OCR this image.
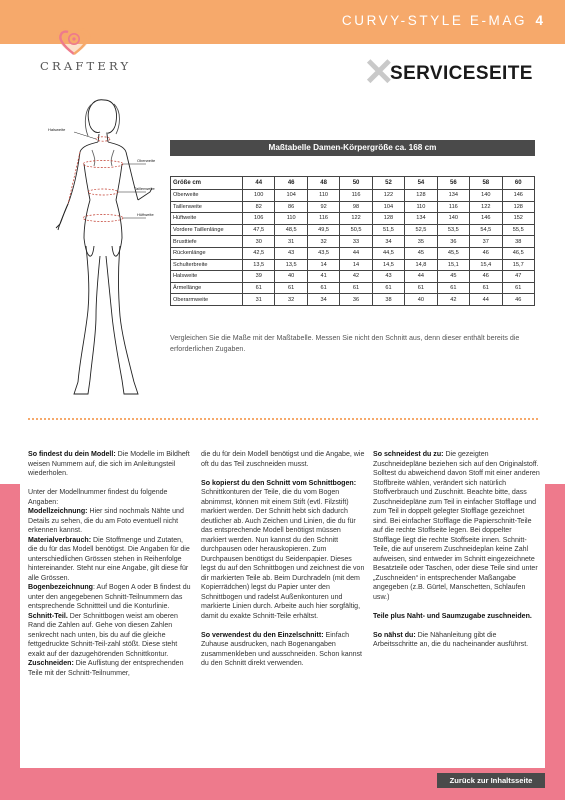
CURVY-STYLE E-MAG 4
CRAFTERY	✕
SERVICESEITE
Halsweite
Oberweite
Taillenweite
Hüftweite
Maßtabelle Damen-Körpergröße ca. 168 cm
Größe cm	44	46	48	50	52	54	56	58	60
Oberweite	100	104	110	116	122	128	134	140	146
Taillenweite	82	86	92	98	104	110	116	122	128
Hüftweite	106	110	116	122	128	134	140	146	152
Vordere Taillenlänge	47,5	48,5	49,5	50,5	51,5	52,5	53,5	54,5	55,5
Brusttiefe	30	31	32	33	34	35	36	37	38
Rückenlänge	42,5	43	43,5	44	44,5	45	45,5	46	46,5
Schulterbreite	13,5	13,5	14	14	14,5	14,8	15,1	15,4	15,7
Halsweite	39	40	41	42	43	44	45	46	47
Ärmellänge	61	61	61	61	61	61	61	61	61
Oberarmweite	31	32	34	36	38	40	42	44	46
Vergleichen Sie die Maße mit der Maßtabelle. Messen Sie nicht den Schnitt aus, denn dieser enthält bereits die erforderlichen Zugaben.

So findest du dein Modell: Die Modelle im Bildheft weisen Nummern auf, die sich im Anleitungsteil wiederholen.

Unter der Modellnummer findest du folgende Angaben:

Modellzeichnung: Hier sind nochmals Nähte und Details zu sehen, die du am Foto eventuell nicht erkennen kannst.

Materialverbrauch: Die Stoffmenge und Zutaten, die du für das Modell benötigst. Die Angaben für die unterschiedlichen Grössen stehen in Reihenfolge hintereinander. Steht nur eine Angabe, gilt diese für alle Grössen.

Bogenbezeichnung: Auf Bogen A oder B findest du unter den angegebenen Schnitt-Teilnummern das entsprechende Schnittteil und die Konturlinie.

Schnitt-Teil. Der Schnittbogen weist am oberen Rand die Zahlen auf. Gehe von diesen Zahlen senkrecht nach unten, bis du auf die gleiche fettgedruckte Schnitt-Teil-zahl stößt. Diese steht exakt auf der dazugehörenden Schnittkontur.

Zuschneiden: Die Auflistung der entsprechenden Teile mit der Schnitt-Teilnummer,

die du für dein Modell benötigst und die Angabe, wie oft du das Teil zuschneiden musst.

So kopierst du den Schnitt vom Schnittbogen: Schnittkonturen der Teile, die du vom Bogen abnimmst, können mit einem Stift (evtl. Filzstift) markiert werden. Der Schnitt hebt sich dadurch deutlicher ab. Auch Zeichen und Linien, die du für das entsprechende Modell benötigst müssen markiert werden. Nun kannst du den Schnitt durchpausen oder herauskopieren. Zum Durchpausen benötigst du Seidenpapier. Dieses legst du auf den Schnittbogen und zeichnest die von dir markierten Teile ab. Beim Durchradeln (mit dem Kopierrädchen) legst du Papier unter den Schnittbogen und radelst Außenkonturen und markierte Linien durch. Arbeite auch hier sorgfältig, damit du exakte Schnitt-Teile erhältst.

So verwendest du den Einzelschnitt: Einfach Zuhause ausdrucken, nach Bogenangaben zusammenkleben und ausschneiden. Schon kannst du den Schnitt direkt verwenden.

So schneidest du zu: Die gezeigten Zuschneidepläne beziehen sich auf den Originalstoff. Solltest du abweichend davon Stoff mit einer anderen Stoffbreite wählen, verändert sich natürlich Stoffverbrauch und Zuschnitt. Beachte bitte, dass Zuschneidepläne zum Teil in einfacher Stofflage und zum Teil in doppelt gelegter Stofflage gezeichnet sind. Bei einfacher Stofflage die Papierschnitt-Teile auf die rechte Stoffseite legen. Bei doppelter Stofflage liegt die rechte Stoffseite innen. Schnitt-Teile, die auf unserem Zuschneideplan keine Zahl aufweisen, sind entweder im Schnitt eingezeichnete Besatzteile oder Taschen, oder diese Teile sind unter „Zuschneiden“ in entsprechender Maßangabe angegeben (z.B. Gürtel, Manschetten, Schlaufen usw.)

Teile plus Naht- und Saumzugabe zuschneiden.

So nähst du: Die Nähanleitung gibt die Arbeitsschritte an, die du nacheinander ausführst.

Zurück zur Inhaltsseite
